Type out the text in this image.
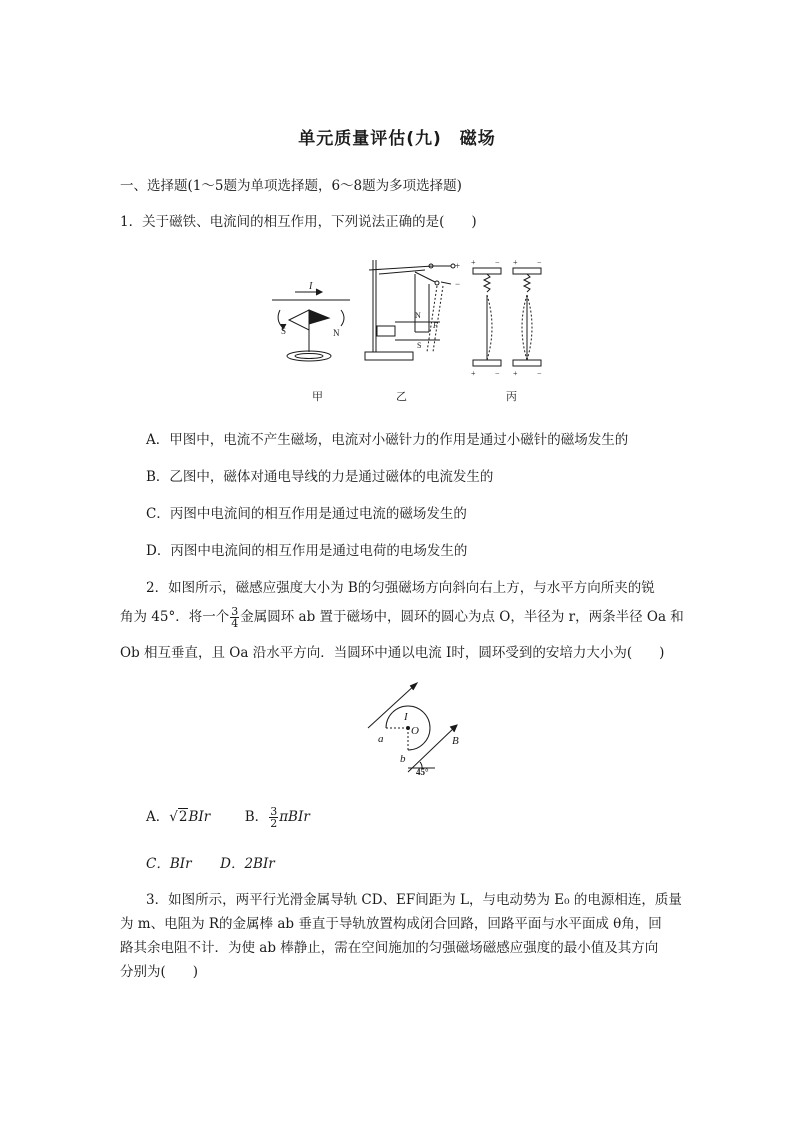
单元质量评估(九)　磁场
一、选择题(1～5题为单项选择题，6～8题为多项选择题)
1．关于磁铁、电流间的相互作用，下列说法正确的是(　　)
I
S	N
N
S
F
+
−
+ − + −
+ − + −
甲	乙	丙
A．甲图中，电流不产生磁场，电流对小磁针力的作用是通过小磁针的磁场发生的
B．乙图中，磁体对通电导线的力是通过磁体的电流发生的
C．丙图中电流间的相互作用是通过电流的磁场发生的
D．丙图中电流间的相互作用是通过电荷的电场发生的
2．如图所示，磁感应强度大小为 B的匀强磁场方向斜向右上方，与水平方向所夹的锐
角为 45°．将一个 $\frac{3}{4}$ 金属圆环 ab 置于磁场中，圆环的圆心为点 O，半径为 r，两条半径 Oa 和
Ob 相互垂直，且 Oa 沿水平方向．当圆环中通以电流 I时，圆环受到的安培力大小为(　　)
I
O
a
b
B
45°
A．√2BIr	B． $\frac{3}{2}$ πBIr
C．BIr D．2BIr
3．如图所示，两平行光滑金属导轨 CD、EF间距为 L，与电动势为 E₀ 的电源相连，质量
为 m、电阻为 R的金属棒 ab 垂直于导轨放置构成闭合回路，回路平面与水平面成 θ角，回
路其余电阻不计．为使 ab 棒静止，需在空间施加的匀强磁场磁感应强度的最小值及其方向
分别为(　　)
